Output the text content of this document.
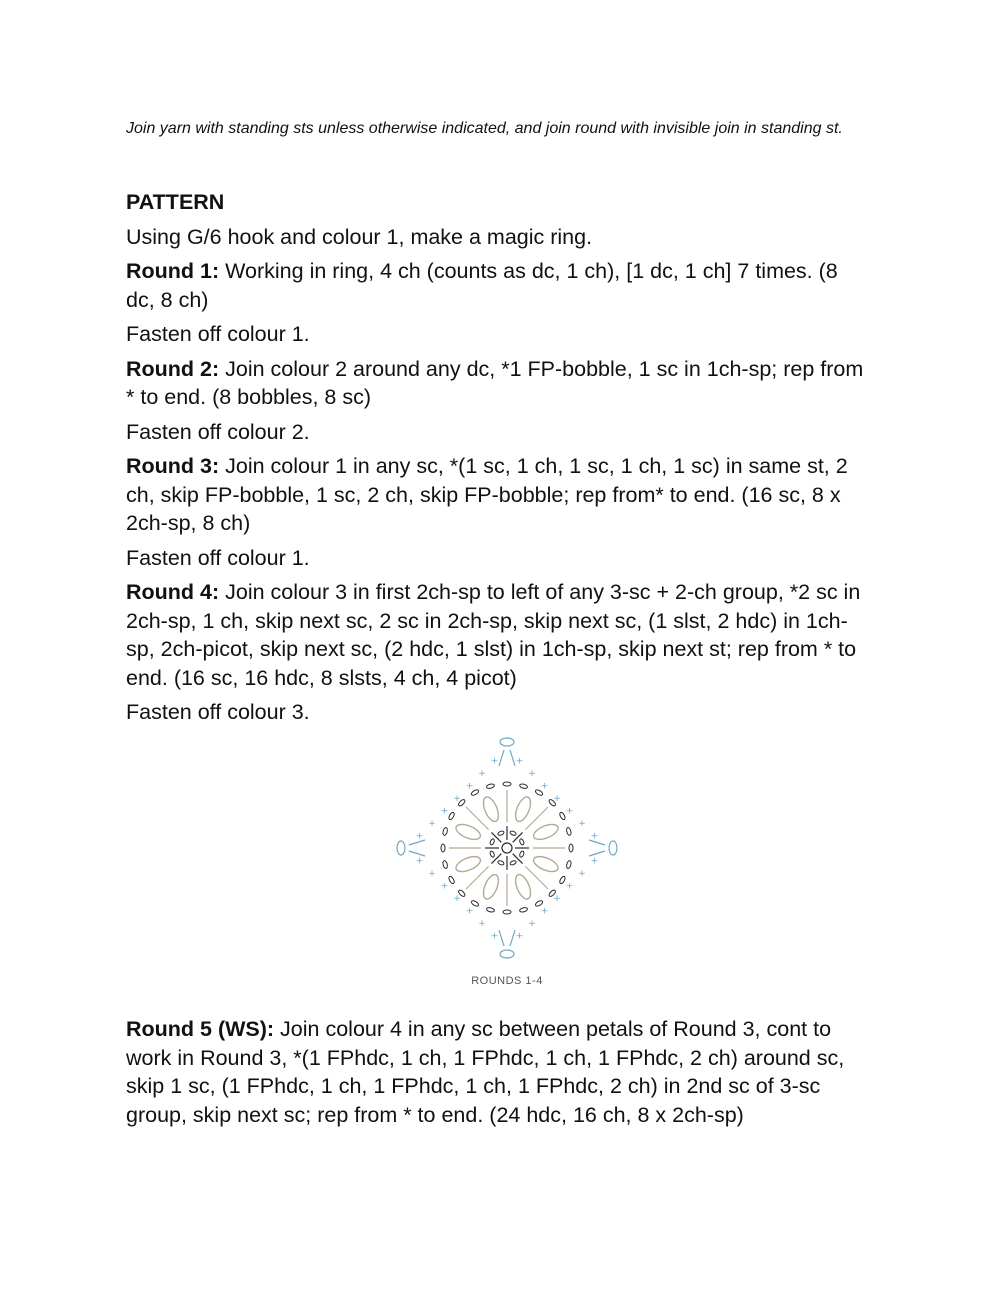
Join yarn with standing sts unless otherwise indicated, and join round with invisible join in standing st.
PATTERN
Using G/6 hook and colour 1, make a magic ring.
Round 1: Working in ring, 4 ch (counts as dc, 1 ch), [1 dc, 1 ch] 7 times. (8 dc, 8 ch)
Fasten off colour 1.
Round 2: Join colour 2 around any dc, *1 FP-bobble, 1 sc in 1ch-sp; rep from * to end. (8 bobbles, 8 sc)
Fasten off colour 2.
Round 3: Join colour 1 in any sc, *(1 sc, 1 ch, 1 sc, 1 ch, 1 sc) in same st, 2 ch, skip FP-bobble, 1 sc, 2 ch, skip FP-bobble; rep from* to end. (16 sc, 8 x 2ch-sp, 8 ch)
Fasten off colour 1.
Round 4: Join colour 3 in first 2ch-sp to left of any 3-sc + 2-ch group, *2 sc in 2ch-sp, 1 ch, skip next sc, 2 sc in 2ch-sp, skip next sc, (1 slst, 2 hdc) in 1ch-sp, 2ch-picot, skip next sc, (2 hdc, 1 slst) in 1ch-sp, skip next st; rep from * to end. (16 sc, 16 hdc, 8 slsts, 4 ch, 4 picot)
Fasten off colour 3.
+
+
+
+
+
+
+
+
+
+
+
+
+
+
+
+
+
+
+
+
+
+
+
+
+
+
+
+
ROUNDS 1-4
Round 5 (WS): Join colour 4 in any sc between petals of Round 3, cont to work in Round 3, *(1 FPhdc, 1 ch, 1 FPhdc, 1 ch, 1 FPhdc, 2 ch) around sc, skip 1 sc, (1 FPhdc, 1 ch, 1 FPhdc, 1 ch, 1 FPhdc, 2 ch) in 2nd sc of 3-sc group, skip next sc; rep from * to end. (24 hdc, 16 ch, 8 x 2ch-sp)
